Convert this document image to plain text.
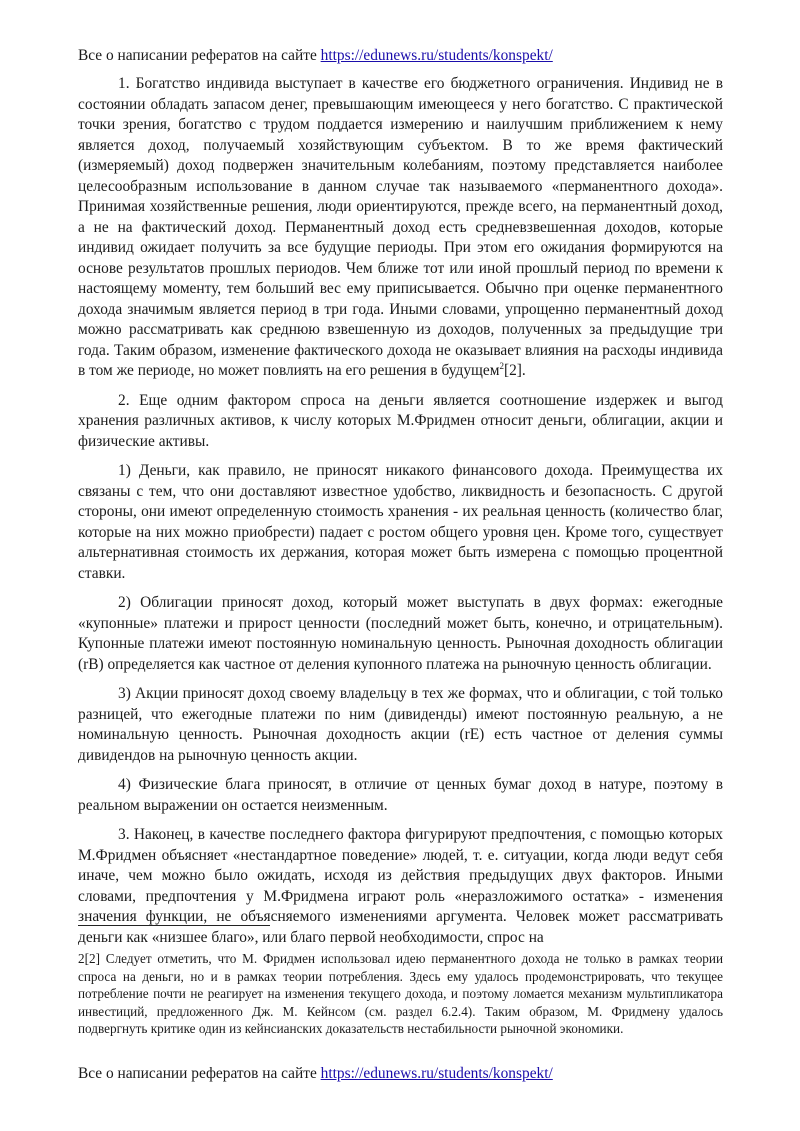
Все о написании рефератов на сайте https://edunews.ru/students/konspekt/

1. Богатство индивида выступает в качестве его бюджетного ограничения. Индивид не в состоянии обладать запасом денег, превышающим имеющееся у него богатство. С практической точки зрения, богатство с трудом поддается измерению и наилучшим приближением к нему является доход, получаемый хозяйствующим субъектом. В то же время фактический (измеряемый) доход подвержен значительным колебаниям, поэтому представляется наиболее целесообразным использование в данном случае так называемого «перманентного дохода». Принимая хозяйственные решения, люди ориентируются, прежде всего, на перманентный доход, а не на фактический доход. Перманентный доход есть средневзвешенная доходов, которые индивид ожидает получить за все будущие периоды. При этом его ожидания формируются на основе результатов прошлых периодов. Чем ближе тот или иной прошлый период по времени к настоящему моменту, тем больший вес ему приписывается. Обычно при оценке перманентного дохода значимым является период в три года. Иными словами, упрощенно перманентный доход можно рассматривать как среднюю взвешенную из доходов, полученных за предыдущие три года. Таким образом, изменение фактического дохода не оказывает влияния на расходы индивида в том же периоде, но может повлиять на его решения в будущем$^2$[2].

2. Еще одним фактором спроса на деньги является соотношение издержек и выгод хранения различных активов, к числу которых М.Фридмен относит деньги, облигации, акции и физические активы.

1) Деньги, как правило, не приносят никакого финансового дохода. Преимущества их связаны с тем, что они доставляют известное удобство, ликвидность и безопасность. С другой стороны, они имеют определенную стоимость хранения - их реальная ценность (количество благ, которые на них можно приобрести) падает с ростом общего уровня цен. Кроме того, существует альтернативная стоимость их держания, которая может быть измерена с помощью процентной ставки.

2) Облигации приносят доход, который может выступать в двух формах: ежегодные «купонные» платежи и прирост ценности (последний может быть, конечно, и отрицательным). Купонные платежи имеют постоянную номинальную ценность. Рыночная доходность облигации (rB) определяется как частное от деления купонного платежа на рыночную ценность облигации.

3) Акции приносят доход своему владельцу в тех же формах, что и облигации, с той только разницей, что ежегодные платежи по ним (дивиденды) имеют постоянную реальную, а не номинальную ценность. Рыночная доходность акции (rE) есть частное от деления суммы дивидендов на рыночную ценность акции.

4) Физические блага приносят, в отличие от ценных бумаг доход в натуре, поэтому в реальном выражении он остается неизменным.

3. Наконец, в качестве последнего фактора фигурируют предпочтения, с помощью которых М.Фридмен объясняет «нестандартное поведение» людей, т. е. ситуации, когда люди ведут себя иначе, чем можно было ожидать, исходя из действия предыдущих двух факторов. Иными словами, предпочтения у М.Фридмена играют роль «неразложимого остатка» - изменения значения функции, не объясняемого изменениями аргумента. Человек может рассматривать деньги как «низшее благо», или благо первой необходимости, спрос на

2[2] Следует отметить, что М. Фридмен использовал идею перманентного дохода не только в рамках теории спроса на деньги, но и в рамках теории потребления. Здесь ему удалось продемонстрировать, что текущее потребление почти не реагирует на изменения текущего дохода, и поэтому ломается механизм мультипликатора инвестиций, предложенного Дж. М. Кейнсом (см. раздел 6.2.4). Таким образом, М. Фридмену удалось подвергнуть критике один из кейнсианских доказательств нестабильности рыночной экономики.

Все о написании рефератов на сайте https://edunews.ru/students/konspekt/
